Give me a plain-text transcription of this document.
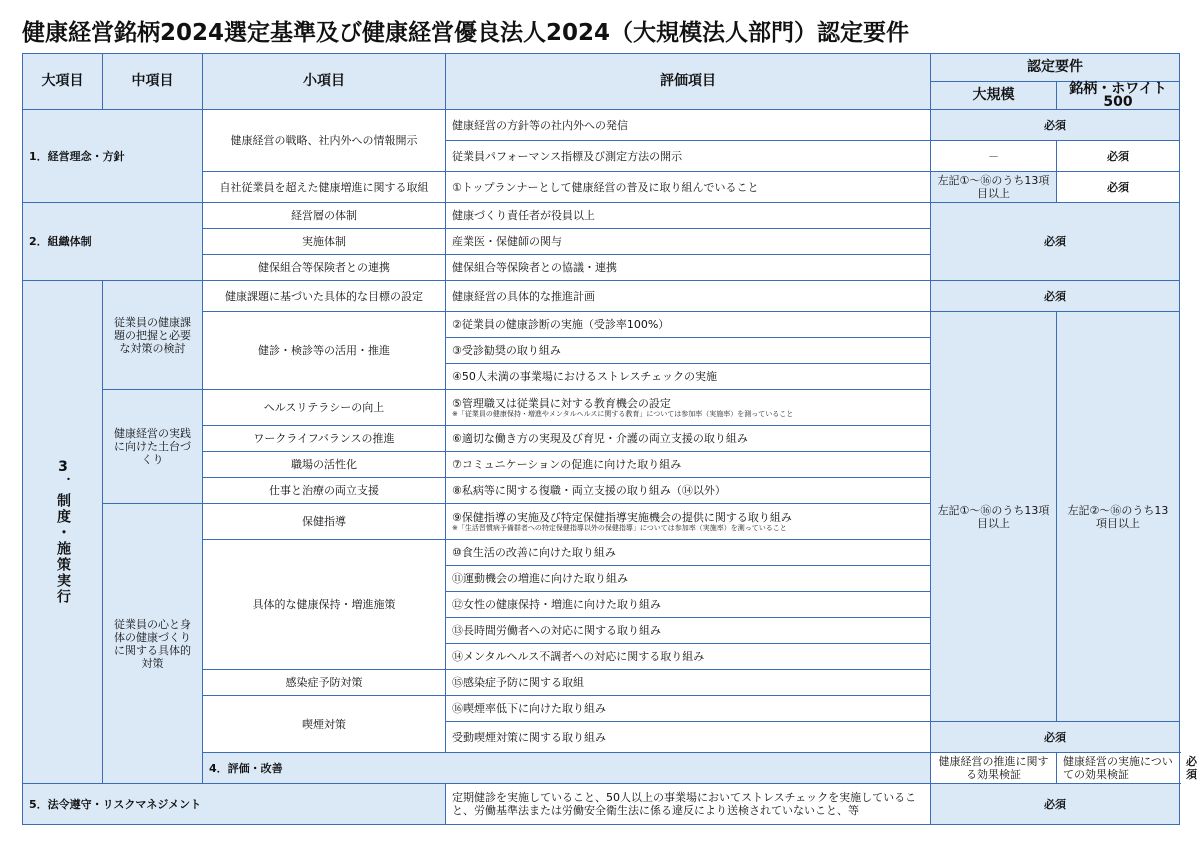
健康経営銘柄2024選定基準及び健康経営優良法人2024（大規模法人部門）認定要件
大項目	中項目	小項目	評価項目	認定要件		
				大規模	銘柄・ホワイト500	
1．経営理念・方針		健康経営の戦略、社内外への情報開示	健康経営の方針等の社内外への発信	必須		
			従業員パフォーマンス指標及び測定方法の開示	－	必須	
		自社従業員を超えた健康増進に関する取組	①トップランナーとして健康経営の普及に取り組んでいること	左記①～⑯のうち13項目以上	必須	
2．組織体制		経営層の体制	健康づくり責任者が役員以上	必須		
		実施体制	産業医・保健師の関与			
		健保組合等保険者との連携	健保組合等保険者との協議・連携			

3．制度・施策実行	従業員の健康課題の把握と必要な対策の検討	健康課題に基づいた具体的な目標の設定	健康経営の具体的な推進計画	必須		
		健診・検診等の活用・推進	②従業員の健康診断の実施（受診率100%）	左記①～⑯のうち13項目以上	左記②～⑯のうち13項目以上	
			③受診勧奨の取り組み			
			④50人未満の事業場におけるストレスチェックの実施			
	健康経営の実践に向けた土台づくり	ヘルスリテラシーの向上	⑤管理職又は従業員に対する教育機会の設定
※「従業員の健康保持・増進やメンタルヘルスに関する教育」については参加率（実施率）を測っていること			

		ワークライフバランスの推進	⑥適切な働き方の実現及び育児・介護の両立支援の取り組み			
		職場の活性化	⑦コミュニケーションの促進に向けた取り組み			
		仕事と治療の両立支援	⑧私病等に関する復職・両立支援の取り組み（⑭以外）			
	従業員の心と身体の健康づくりに関する具体的対策	保健指導	⑨保健指導の実施及び特定保健指導実施機会の提供に関する取り組み
※「生活習慣病予備群者への特定保健指導以外の保健指導」については参加率（実施率）を測っていること			

		具体的な健康保持・増進施策	⑩食生活の改善に向けた取り組み			
			⑪運動機会の増進に向けた取り組み			
			⑫女性の健康保持・増進に向けた取り組み			
			⑬長時間労働者への対応に関する取り組み			
			⑭メンタルヘルス不調者への対応に関する取り組み			
		感染症予防対策	⑮感染症予防に関する取組			
		喫煙対策	⑯喫煙率低下に向けた取り組み			
			受動喫煙対策に関する取り組み	必須		
		4．評価・改善		健康経営の推進に関する効果検証	健康経営の実施についての効果検証	必須
5．法令遵守・リスクマネジメント			定期健診を実施していること、50人以上の事業場においてストレスチェックを実施していること、労働基準法または労働安全衛生法に係る違反により送検されていないこと、等	必須		
